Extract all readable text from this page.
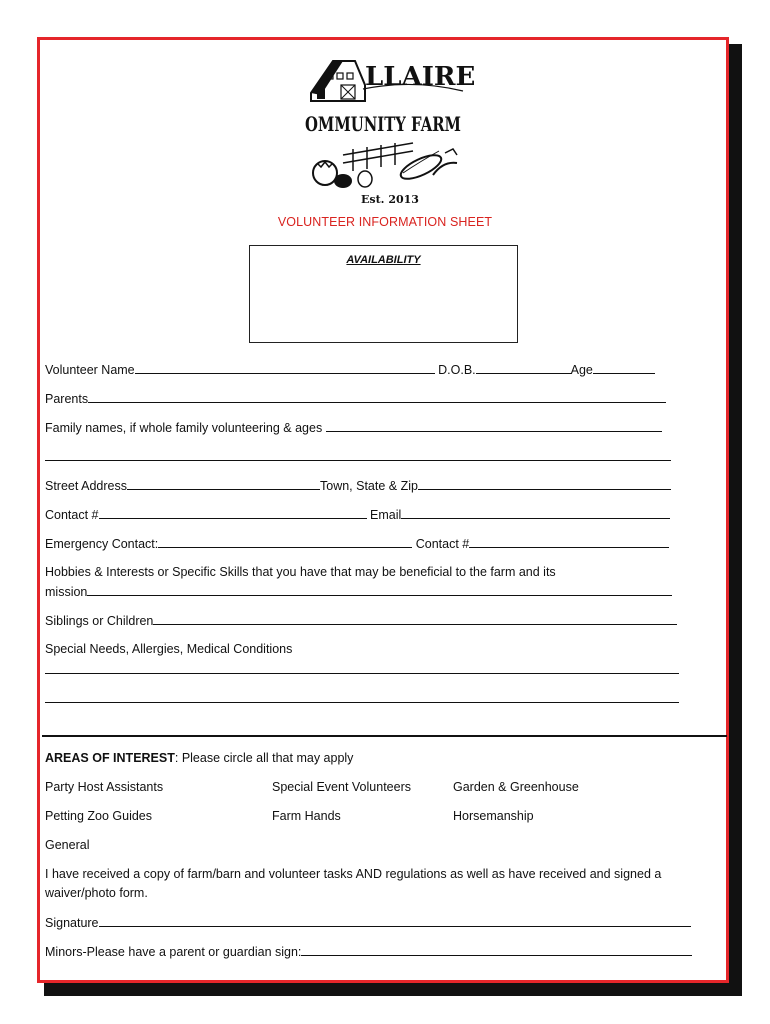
LLAIRE
OMMUNITY FARM
Est. 2013
VOLUNTEER INFORMATION SHEET
AVAILABILITY
Volunteer Name	D.O.B.	Age
Parents
Family names, if whole family volunteering & ages
Street Address	Town, State & Zip
Contact #	Email
Emergency Contact:	Contact #
Hobbies & Interests or Specific Skills that you have that may be beneficial to the farm and its
mission
Siblings or Children
Special Needs, Allergies, Medical Conditions
AREAS OF INTEREST: Please circle all that may apply
Party Host Assistants	Special Event Volunteers	Garden & Greenhouse
Petting Zoo Guides	Farm Hands	Horsemanship
General
I have received a copy of farm/barn and volunteer tasks AND regulations as well as have received and signed a
waiver/photo form.
Signature
Minors-Please have a parent or guardian sign:
